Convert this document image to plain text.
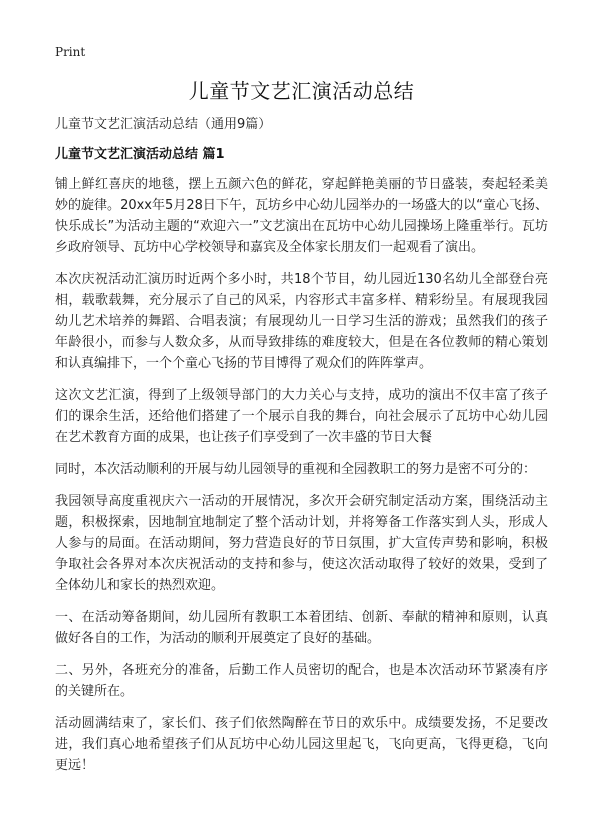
Print
儿童节文艺汇演活动总结

儿童节文艺汇演活动总结（通用9篇）

儿童节文艺汇演活动总结 篇1

铺上鲜红喜庆的地毯，摆上五颜六色的鲜花，穿起鲜艳美丽的节日盛装，奏起轻柔美妙的旋律。20xx年5月28日下午，瓦坊乡中心幼儿园举办的一场盛大的以“童心飞扬、快乐成长”为活动主题的“欢迎六一”文艺演出在瓦坊中心幼儿园操场上隆重举行。瓦坊乡政府领导、瓦坊中心学校领导和嘉宾及全体家长朋友们一起观看了演出。

本次庆祝活动汇演历时近两个多小时，共18个节目，幼儿园近130名幼儿全部登台亮相，载歌载舞，充分展示了自己的风采，内容形式丰富多样、精彩纷呈。有展现我园幼儿艺术培养的舞蹈、合唱表演；有展现幼儿一日学习生活的游戏；虽然我们的孩子年龄很小，而参与人数众多，从而导致排练的难度较大，但是在各位教师的精心策划和认真编排下，一个个童心飞扬的节目博得了观众们的阵阵掌声。

这次文艺汇演，得到了上级领导部门的大力关心与支持，成功的演出不仅丰富了孩子们的课余生活，还给他们搭建了一个展示自我的舞台，向社会展示了瓦坊中心幼儿园在艺术教育方面的成果，也让孩子们享受到了一次丰盛的节日大餐

同时，本次活动顺利的开展与幼儿园领导的重视和全园教职工的努力是密不可分的：

我园领导高度重视庆六一活动的开展情况，多次开会研究制定活动方案，围绕活动主题，积极探索，因地制宜地制定了整个活动计划，并将筹备工作落实到人头，形成人人参与的局面。在活动期间，努力营造良好的节日氛围，扩大宣传声势和影响，积极争取社会各界对本次庆祝活动的支持和参与，使这次活动取得了较好的效果，受到了全体幼儿和家长的热烈欢迎。

一、在活动筹备期间，幼儿园所有教职工本着团结、创新、奉献的精神和原则，认真做好各自的工作，为活动的顺利开展奠定了良好的基础。

二、另外，各班充分的准备，后勤工作人员密切的配合，也是本次活动环节紧凑有序的关键所在。

活动圆满结束了，家长们、孩子们依然陶醉在节日的欢乐中。成绩要发扬，不足要改进，我们真心地希望孩子们从瓦坊中心幼儿园这里起飞，飞向更高，飞得更稳，飞向更远！
